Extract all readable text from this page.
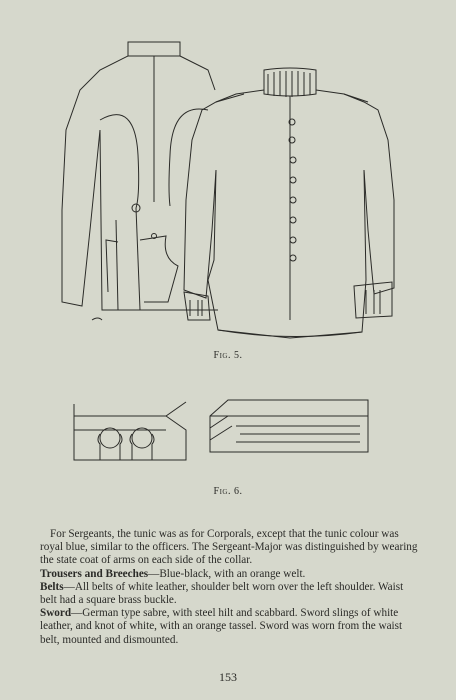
Fig. 5.
Fig. 6.

For Sergeants, the tunic was as for Corporals, except that the tunic colour was royal blue, similar to the officers. The Sergeant-Major was distinguished by wearing the state coat of arms on each side of the collar.

Trousers and Breeches—Blue-black, with an orange welt.

Belts—All belts of white leather, shoulder belt worn over the left shoulder. Waist belt had a square brass buckle.

Sword—German type sabre, with steel hilt and scabbard. Sword slings of white leather, and knot of white, with an orange tassel. Sword was worn from the waist belt, mounted and dismounted.

153
